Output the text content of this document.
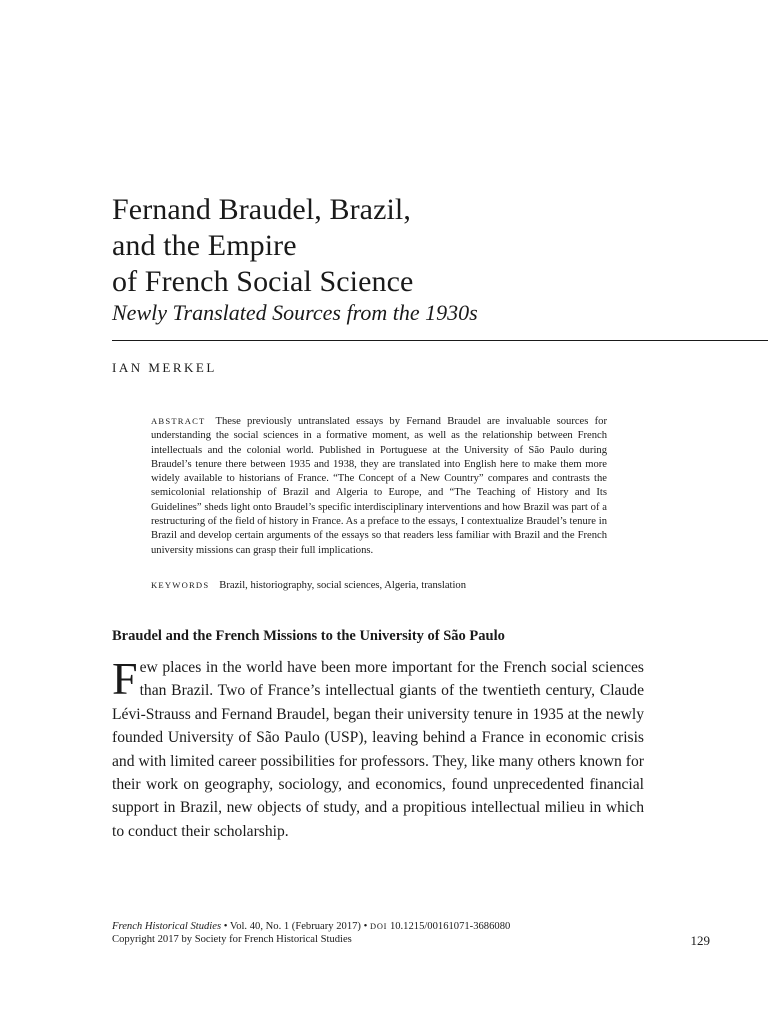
Fernand Braudel, Brazil,
and the Empire
of French Social Science
Newly Translated Sources from the 1930s
IAN MERKEL
ABSTRACT These previously untranslated essays by Fernand Braudel are invaluable sources for understanding the social sciences in a formative moment, as well as the relationship between French intellectuals and the colonial world. Published in Portuguese at the University of São Paulo during Braudel’s tenure there between 1935 and 1938, they are translated into English here to make them more widely available to historians of France. “The Concept of a New Country” compares and contrasts the semicolonial relationship of Brazil and Algeria to Europe, and “The Teaching of History and Its Guidelines” sheds light onto Braudel’s specific interdisciplinary interventions and how Brazil was part of a restructuring of the field of history in France. As a preface to the essays, I contextualize Braudel’s tenure in Brazil and develop certain arguments of the essays so that readers less familiar with Brazil and the French university missions can grasp their full implications.
KEYWORDS Brazil, historiography, social sciences, Algeria, translation
Braudel and the French Missions to the University of São Paulo
Few places in the world have been more important for the French social sciences than Brazil. Two of France’s intellectual giants of the twentieth century, Claude Lévi-Strauss and Fernand Braudel, began their university tenure in 1935 at the newly founded University of São Paulo (USP), leaving behind a France in economic crisis and with limited career possibilities for professors. They, like many others known for their work on geography, sociology, and economics, found unprecedented financial support in Brazil, new objects of study, and a propitious intellectual milieu in which to conduct their scholarship.
French Historical Studies • Vol. 40, No. 1 (February 2017) • DOI 10.1215/00161071-3686080
Copyright 2017 by Society for French Historical Studies	129
